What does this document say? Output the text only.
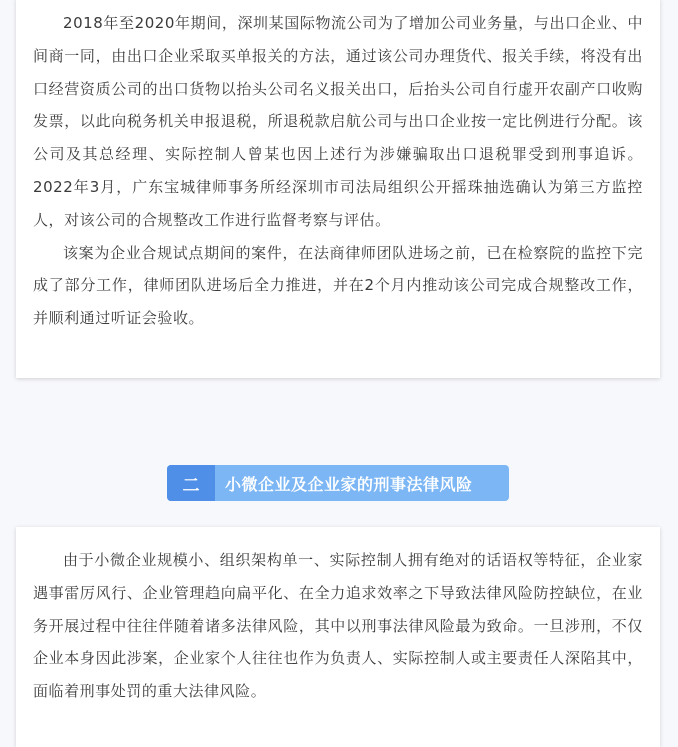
2018年至2020年期间，深圳某国际物流公司为了增加公司业务量，与出口企业、中间商一同，由出口企业采取买单报关的方法，通过该公司办理货代、报关手续，将没有出口经营资质公司的出口货物以抬头公司名义报关出口，后抬头公司自行虚开农副产口收购发票，以此向税务机关申报退税，所退税款启航公司与出口企业按一定比例进行分配。该公司及其总经理、实际控制人曾某也因上述行为涉嫌骗取出口退税罪受到刑事追诉。2022年3月，广东宝城律师事务所经深圳市司法局组织公开摇珠抽选确认为第三方监控人，对该公司的合规整改工作进行监督考察与评估。

该案为企业合规试点期间的案件，在法商律师团队进场之前，已在检察院的监控下完成了部分工作，律师团队进场后全力推进，并在2个月内推动该公司完成合规整改工作，并顺利通过听证会验收。

二	小微企业及企业家的刑事法律风险

由于小微企业规模小、组织架构单一、实际控制人拥有绝对的话语权等特征，企业家遇事雷厉风行、企业管理趋向扁平化、在全力追求效率之下导致法律风险防控缺位，在业务开展过程中往往伴随着诸多法律风险，其中以刑事法律风险最为致命。一旦涉刑，不仅企业本身因此涉案，企业家个人往往也作为负责人、实际控制人或主要责任人深陷其中，面临着刑事处罚的重大法律风险。
